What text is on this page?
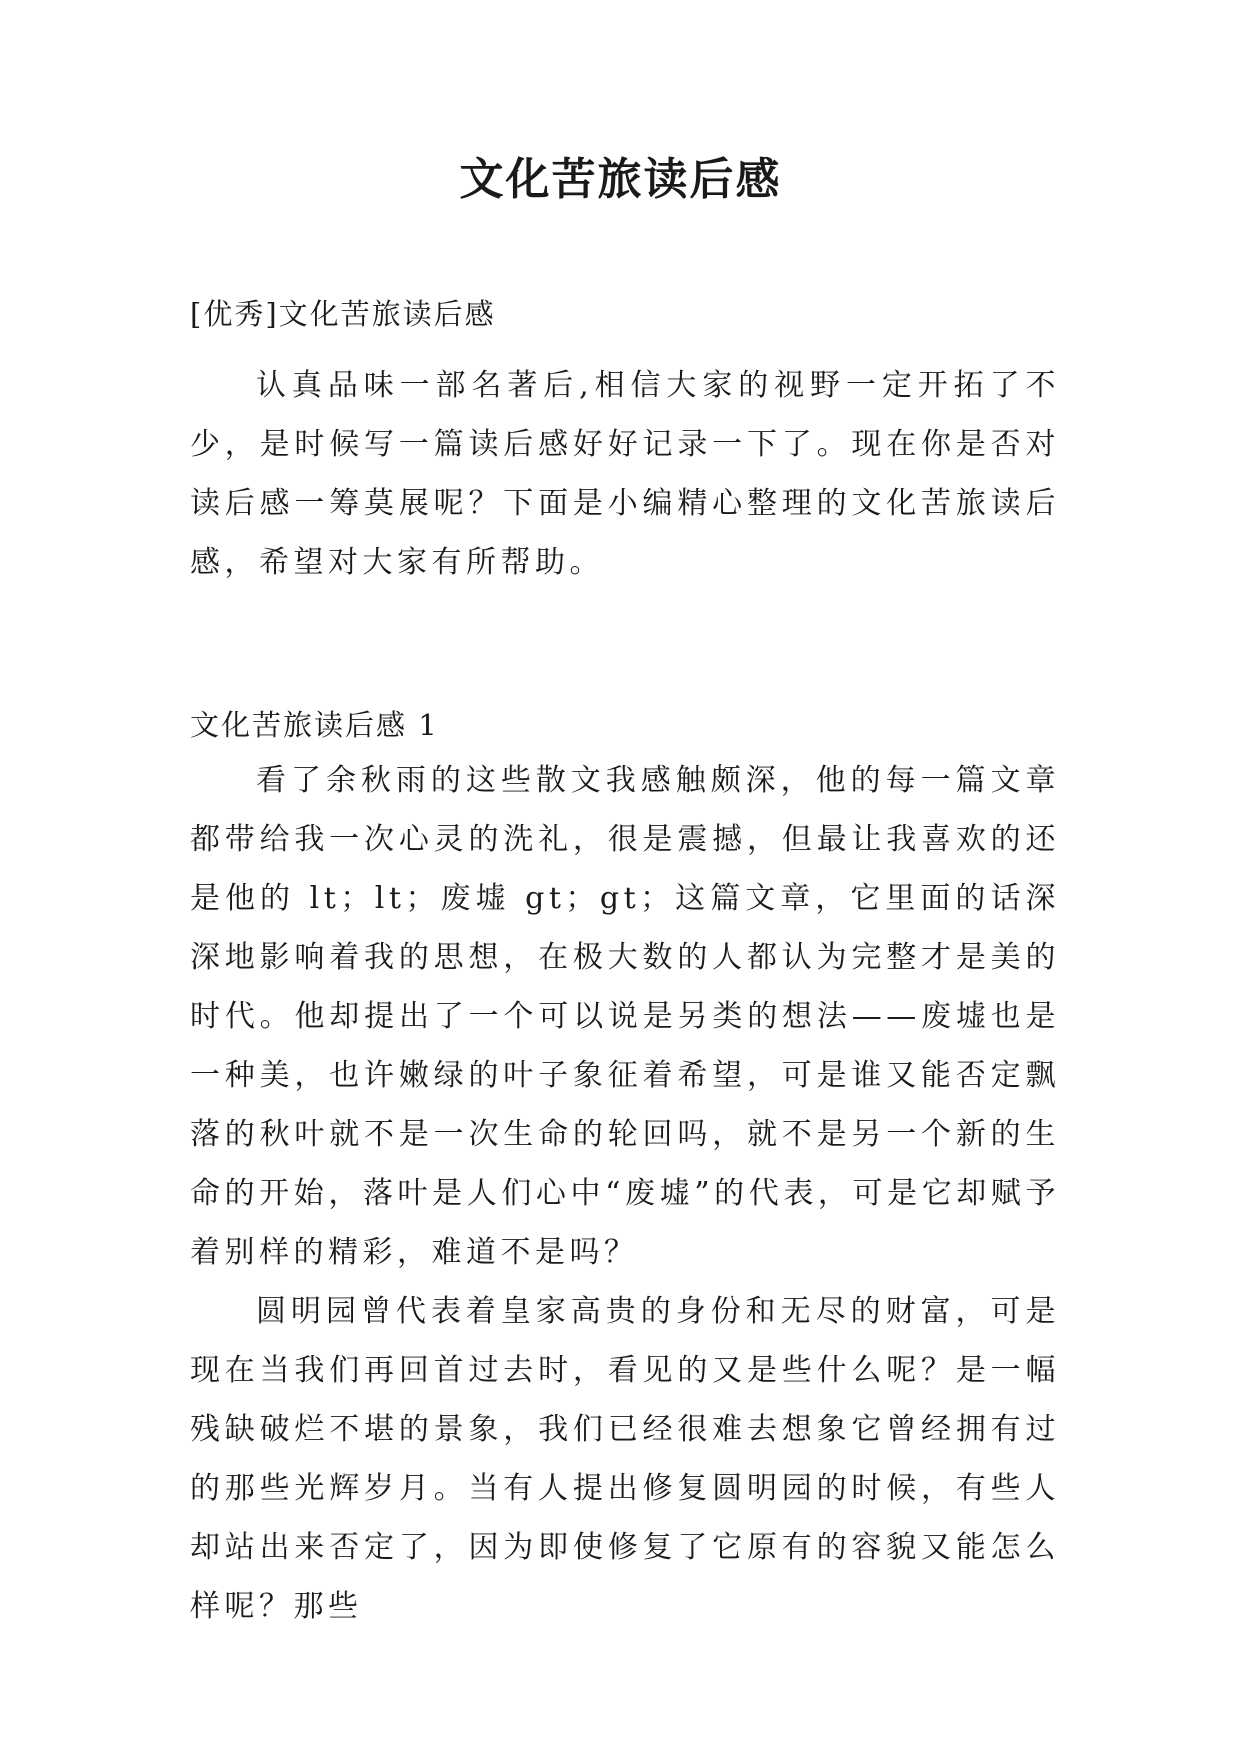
文化苦旅读后感

[优秀]文化苦旅读后感

认真品味一部名著后,相信大家的视野一定开拓了不少，是时候写一篇读后感好好记录一下了。现在你是否对读后感一筹莫展呢？下面是小编精心整理的文化苦旅读后感，希望对大家有所帮助。

文化苦旅读后感 1

看了余秋雨的这些散文我感触颇深，他的每一篇文章都带给我一次心灵的洗礼，很是震撼，但最让我喜欢的还是他的 lt；lt；废墟 gt；gt；这篇文章，它里面的话深深地影响着我的思想，在极大数的人都认为完整才是美的时代。他却提出了一个可以说是另类的想法——废墟也是一种美，也许嫩绿的叶子象征着希望，可是谁又能否定飘落的秋叶就不是一次生命的轮回吗，就不是另一个新的生命的开始，落叶是人们心中“废墟”的代表，可是它却赋予着别样的精彩，难道不是吗？

圆明园曾代表着皇家高贵的身份和无尽的财富，可是现在当我们再回首过去时，看见的又是些什么呢？是一幅残缺破烂不堪的景象，我们已经很难去想象它曾经拥有过的那些光辉岁月。当有人提出修复圆明园的时候，有些人却站出来否定了，因为即使修复了它原有的容貌又能怎么样呢？那些
